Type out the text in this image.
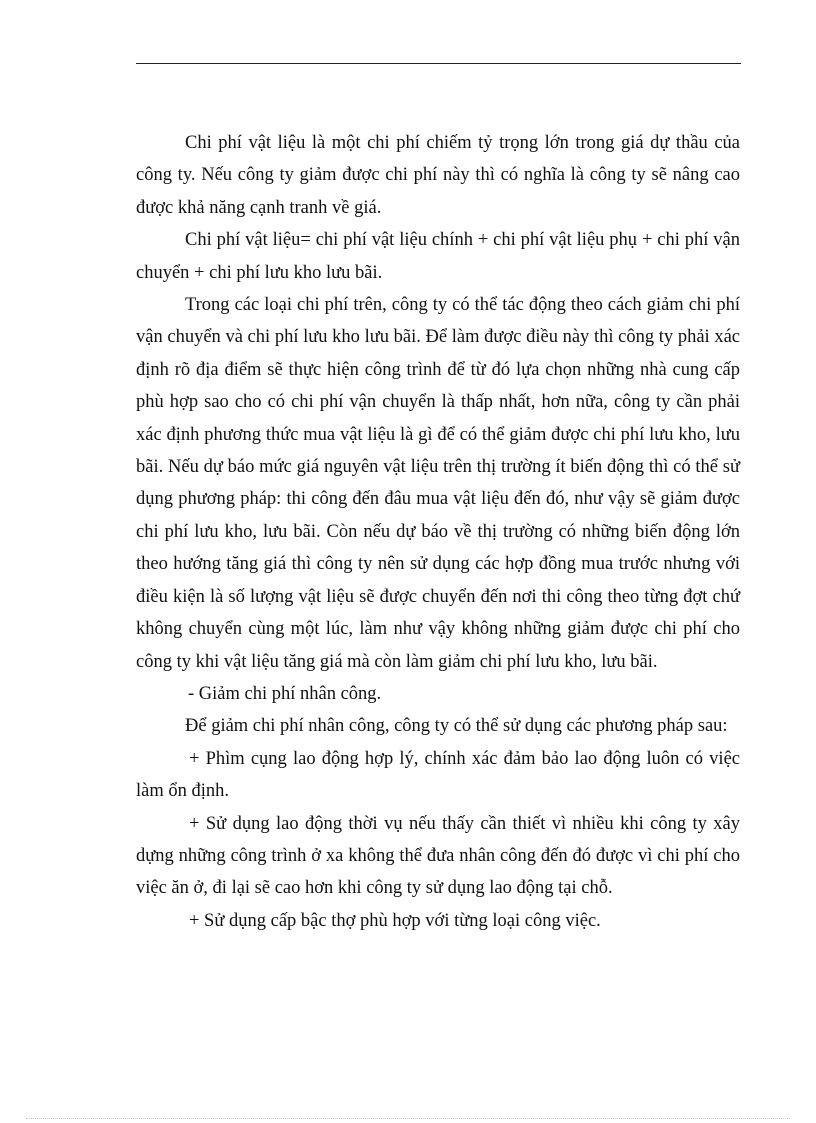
Chi phí vật liệu là một chi phí chiếm tỷ trọng lớn trong giá dự thầu của công ty. Nếu công ty giảm được chi phí này thì có nghĩa là công ty sẽ nâng cao được khả năng cạnh tranh về giá.

Chi phí vật liệu= chi phí vật liệu chính + chi phí vật liệu phụ + chi phí vận chuyển + chi phí lưu kho lưu bãi.

Trong các loại chi phí trên, công ty có thể tác động theo cách giảm chi phí vận chuyển và chi phí lưu kho lưu bãi. Để làm được điều này thì công ty phải xác định rõ địa điểm sẽ thực hiện công trình để từ đó lựa chọn những nhà cung cấp phù hợp sao cho có chi phí vận chuyển là thấp nhất, hơn nữa, công ty cần phải xác định phương thức mua vật liệu là gì để có thể giảm được chi phí lưu kho, lưu bãi. Nếu dự báo mức giá nguyên vật liệu trên thị trường ít biến động thì có thể sử dụng phương pháp: thi công đến đâu mua vật liệu đến đó, như vậy sẽ giảm được chi phí lưu kho, lưu bãi. Còn nếu dự báo về thị trường có những biến động lớn theo hướng tăng giá thì công ty nên sử dụng các hợp đồng mua trước nhưng với điều kiện là số lượng vật liệu sẽ được chuyển đến nơi thi công theo từng đợt chứ không chuyển cùng một lúc, làm như vậy không những giảm được chi phí cho công ty khi vật liệu tăng giá mà còn làm giảm chi phí lưu kho, lưu bãi.

- Giảm chi phí nhân công.

Để giảm chi phí nhân công, công ty có thể sử dụng các phương pháp sau:

+ Phìm cụng lao động hợp lý, chính xác đảm bảo lao động luôn có việc làm ổn định.

+ Sử dụng lao động thời vụ nếu thấy cần thiết vì nhiều khi công ty xây dựng những công trình ở xa không thể đưa nhân công đến đó được vì chi phí cho việc ăn ở, đi lại sẽ cao hơn khi công ty sử dụng lao động tại chỗ.

+ Sử dụng cấp bậc thợ phù hợp với từng loại công việc.
